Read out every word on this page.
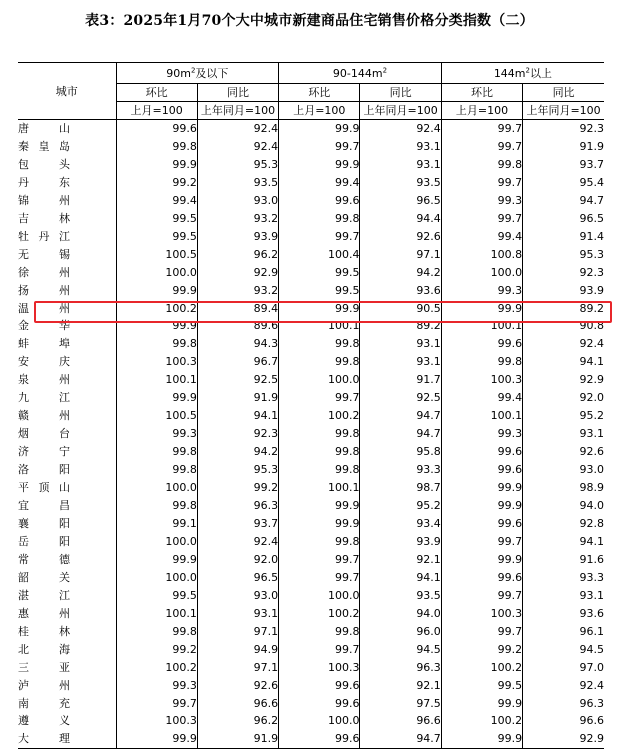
表3：2025年1月70个大中城市新建商品住宅销售价格分类指数（二）
城市	$90m^2$及以下		$90-144m^2$		$144m^2$以上	
	环比	同比	环比	同比	环比	同比
	上月=100	上年同月=100	上月=100	上年同月=100	上月=100	上年同月=100

唐山	99.6	92.4	99.9	92.4	99.7	92.3

秦皇岛	99.8	92.4	99.7	93.1	99.7	91.9

包头	99.9	95.3	99.9	93.1	99.8	93.7

丹东	99.2	93.5	99.4	93.5	99.7	95.4

锦州	99.4	93.0	99.6	96.5	99.3	94.7

吉林	99.5	93.2	99.8	94.4	99.7	96.5

牡丹江	99.5	93.9	99.7	92.6	99.4	91.4

无锡	100.5	96.2	100.4	97.1	100.8	95.3

徐州	100.0	92.9	99.5	94.2	100.0	92.3

扬州	99.9	93.2	99.5	93.6	99.3	93.9

温州	100.2	89.4	99.9	90.5	99.9	89.2

金华	99.9	89.6	100.1	89.2	100.1	90.8

蚌埠	99.8	94.3	99.8	93.1	99.6	92.4

安庆	100.3	96.7	99.8	93.1	99.8	94.1

泉州	100.1	92.5	100.0	91.7	100.3	92.9

九江	99.9	91.9	99.7	92.5	99.4	92.0

赣州	100.5	94.1	100.2	94.7	100.1	95.2

烟台	99.3	92.3	99.8	94.7	99.3	93.1

济宁	99.8	94.2	99.8	95.8	99.6	92.6

洛阳	99.8	95.3	99.8	93.3	99.6	93.0

平顶山	100.0	99.2	100.1	98.7	99.9	98.9

宜昌	99.8	96.3	99.9	95.2	99.9	94.0

襄阳	99.1	93.7	99.9	93.4	99.6	92.8

岳阳	100.0	92.4	99.8	93.9	99.7	94.1

常德	99.9	92.0	99.7	92.1	99.9	91.6

韶关	100.0	96.5	99.7	94.1	99.6	93.3

湛江	99.5	93.0	100.0	93.5	99.7	93.1

惠州	100.1	93.1	100.2	94.0	100.3	93.6

桂林	99.8	97.1	99.8	96.0	99.7	96.1

北海	99.2	94.9	99.7	94.5	99.2	94.5

三亚	100.2	97.1	100.3	96.3	100.2	97.0

泸州	99.3	92.6	99.6	92.1	99.5	92.4

南充	99.7	96.6	99.6	97.5	99.9	96.3

遵义	100.3	96.2	100.0	96.6	100.2	96.6

大理	99.9	91.9	99.6	94.7	99.9	92.9
